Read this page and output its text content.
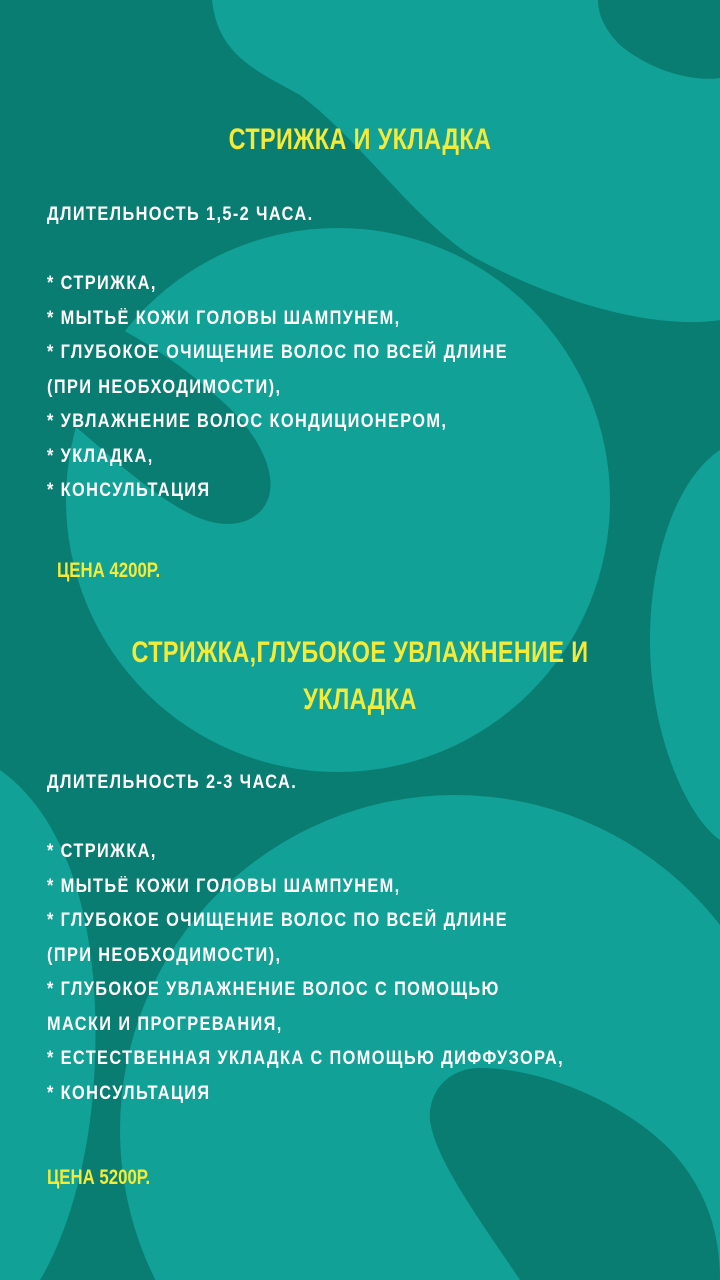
СТРИЖКА И УКЛАДКА
ДЛИТЕЛЬНОСТЬ 1,5-2 ЧАСА.
* СТРИЖКА,
* МЫТЬЁ КОЖИ ГОЛОВЫ ШАМПУНЕМ,
* ГЛУБОКОЕ ОЧИЩЕНИЕ ВОЛОС ПО ВСЕЙ ДЛИНЕ
(ПРИ НЕОБХОДИМОСТИ),
* УВЛАЖНЕНИЕ ВОЛОС КОНДИЦИОНЕРОМ,
* УКЛАДКА,
* КОНСУЛЬТАЦИЯ
ЦЕНА 4200Р.
СТРИЖКА,ГЛУБОКОЕ УВЛАЖНЕНИЕ И
УКЛАДКА
ДЛИТЕЛЬНОСТЬ 2-3 ЧАСА.
* СТРИЖКА,
* МЫТЬЁ КОЖИ ГОЛОВЫ ШАМПУНЕМ,
* ГЛУБОКОЕ ОЧИЩЕНИЕ ВОЛОС ПО ВСЕЙ ДЛИНЕ
(ПРИ НЕОБХОДИМОСТИ),
* ГЛУБОКОЕ УВЛАЖНЕНИЕ ВОЛОС С ПОМОЩЬЮ
МАСКИ И ПРОГРЕВАНИЯ,
* ЕСТЕСТВЕННАЯ УКЛАДКА С ПОМОЩЬЮ ДИФФУЗОРА,
* КОНСУЛЬТАЦИЯ
ЦЕНА 5200Р.
